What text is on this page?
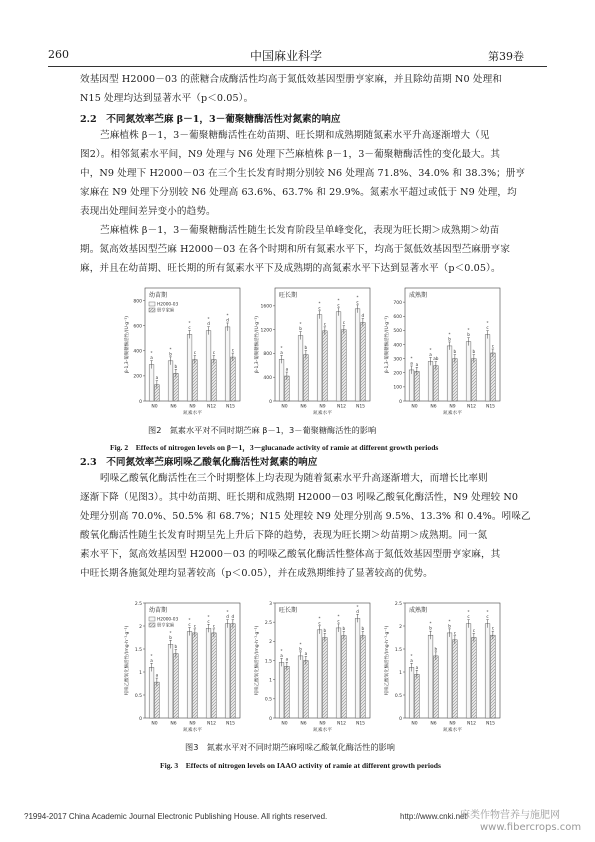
260	中国麻业科学	第39卷
效基因型 H2000－03 的蔗糖合成酶活性均高于氮低效基因型册亨家麻，并且除幼苗期 N0 处理和
N15 处理均达到显著水平（p＜0.05）。
2.2　不同氮效率苎麻 β－1，3－葡聚糖酶活性对氮素的响应
苎麻植株 β－1，3－葡聚糖酶活性在幼苗期、旺长期和成熟期随氮素水平升高逐渐增大（见
图2）。相邻氮素水平间，N9 处理与 N6 处理下苎麻植株 β－1，3－葡聚糖酶活性的变化最大。其
中，N9 处理下 H2000－03 在三个生长发育时期分别较 N6 处理高 71.8%、34.0% 和 38.3%；册亨
家麻在 N9 处理下分别较 N6 处理高 63.6%、63.7% 和 29.9%。氮素水平超过或低于 N9 处理，均
表现出处理间差异变小的趋势。
苎麻植株 β－1，3－葡聚糖酶活性随生长发育阶段呈单峰变化，表现为旺长期＞成熟期＞幼苗
期。氮高效基因型苎麻 H2000－03 在各个时期和所有氮素水平下，均高于氮低效基因型苎麻册亨家
麻，并且在幼苗期、旺长期的所有氮素水平下及成熟期的高氮素水平下达到显著水平（p＜0.05）。
幼苗期
0
200
400
600
800
β-1,3-葡聚糖酶活性/(U·g⁻¹)	a
*
a
N0
b
*
b
N6
c
*
c
N9
d
*
c
N12
d
*
c
N15
氮素水平
H2000-03
册亨家麻
旺长期
0
400
800
1200
1600
β-1,3-葡聚糖酶活性/(U·g⁻¹)	a
*
a
N0
b
*
b
N6
c
*
c
N9
c
*
c
N12
c
*
d
N15
氮素水平
成熟期
0
100
200
300
400
500
600
700
β-1,3-葡聚糖酶活性/(U·g⁻¹)	a
*
a
N0
a
*
ab
N6
b
*
b
N9
b
*
b
N12
c
*
c
N15
氮素水平
图2　氮素水平对不同时期苎麻 β－1，3－葡聚糖酶活性的影响
Fig. 2　Effects of nitrogen levels on β－1，3－glucanade activity of ramie at different growth periods
2.3　不同氮效率苎麻吲哚乙酸氧化酶活性对氮素的响应
吲哚乙酸氧化酶活性在三个时期整体上均表现为随着氮素水平升高逐渐增大，而增长比率则
逐渐下降（见图3）。其中幼苗期、旺长期和成熟期 H2000－03 吲哚乙酸氧化酶活性，N9 处理较 N0
处理分别高 70.0%、50.5% 和 68.7%；N15 处理较 N9 处理分别高 9.5%、13.3% 和 0.4%。吲哚乙
酸氧化酶活性随生长发育时期呈先上升后下降的趋势，表现为旺长期＞幼苗期＞成熟期。同一氮
素水平下，氮高效基因型 H2000－03 的吲哚乙酸氧化酶活性整体高于氮低效基因型册亨家麻，其
中旺长期各施氮处理均显著较高（p＜0.05），并在成熟期维持了显著较高的优势。
幼苗期
0
0.5
1
1.5
2
2.5
吲哚乙酸氧化酶活性/(mg·h⁻¹·g⁻¹)	a
*
a
N0
b
*
b
N6
c
*
c
N9
c
*
c
N12
d
*
d
N15
氮素水平
H2000-03
册亨家麻
旺长期
0
0.5
1
1.5
2
2.5
3
吲哚乙酸氧化酶活性/(mg·h⁻¹·g⁻¹)	a
*
a
N0
b
*
a
N6
c
*
b
N9
c
*
b
N12
d
*
b
N15
氮素水平
成熟期
0
0.5
1
1.5
2
2.5
吲哚乙酸氧化酶活性/(mg·h⁻¹·g⁻¹)	a
*
a
N0
b
*
b
N6
b
*
c
N9
c
*
c
N12
c
*
c
N15
氮素水平
图3　氮素水平对不同时期苎麻吲哚乙酸氧化酶活性的影响
Fig. 3　Effects of nitrogen levels on IAAO activity of ramie at different growth periods
?1994-2017 China Academic Journal Electronic Publishing House. All rights reserved.	http://www.cnki.net
麻类作物营养与施肥网
www.fibercrops.com
